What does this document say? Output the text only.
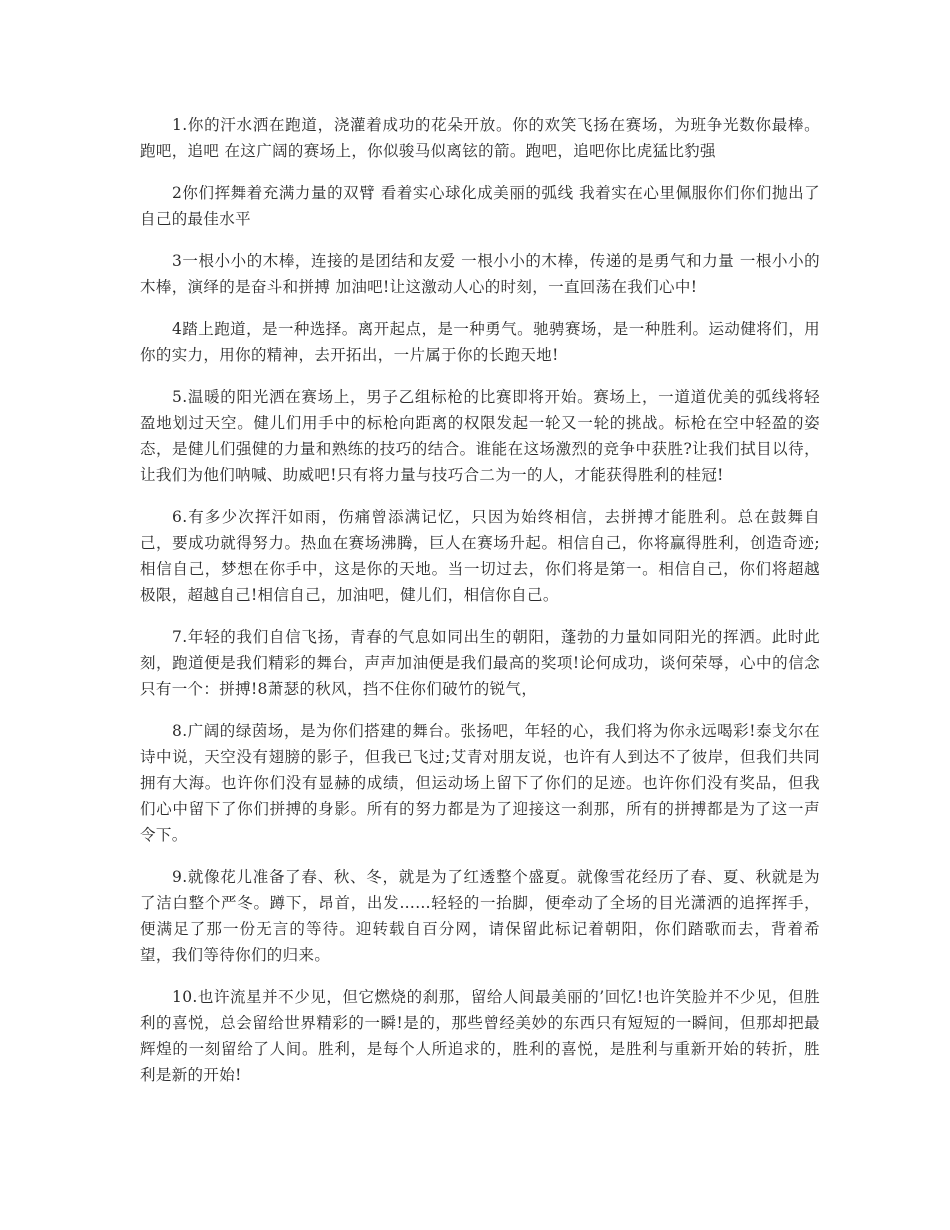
1.你的汗水洒在跑道，浇灌着成功的花朵开放。你的欢笑飞扬在赛场，为班争光数你最棒。跑吧，追吧 在这广阔的赛场上，你似骏马似离铉的箭。跑吧，追吧你比虎猛比豹强

2你们挥舞着充满力量的双臂 看着实心球化成美丽的弧线 我着实在心里佩服你们你们抛出了自己的最佳水平

3一根小小的木棒，连接的是团结和友爱 一根小小的木棒，传递的是勇气和力量 一根小小的木棒，演绎的是奋斗和拼搏 加油吧!让这激动人心的时刻，一直回荡在我们心中!

4踏上跑道，是一种选择。离开起点，是一种勇气。驰骋赛场，是一种胜利。运动健将们，用你的实力，用你的精神，去开拓出，一片属于你的长跑天地!

5.温暖的阳光洒在赛场上，男子乙组标枪的比赛即将开始。赛场上，一道道优美的弧线将轻盈地划过天空。健儿们用手中的标枪向距离的权限发起一轮又一轮的挑战。标枪在空中轻盈的姿态，是健儿们强健的力量和熟练的技巧的结合。谁能在这场激烈的竞争中获胜?让我们拭目以待，让我们为他们呐喊、助威吧!只有将力量与技巧合二为一的人，才能获得胜利的桂冠!

6.有多少次挥汗如雨，伤痛曾添满记忆，只因为始终相信，去拼搏才能胜利。总在鼓舞自己，要成功就得努力。热血在赛场沸腾，巨人在赛场升起。相信自己，你将赢得胜利，创造奇迹;相信自己，梦想在你手中，这是你的天地。当一切过去，你们将是第一。相信自己，你们将超越极限，超越自己!相信自己，加油吧，健儿们，相信你自己。

7.年轻的我们自信飞扬，青春的气息如同出生的朝阳，蓬勃的力量如同阳光的挥洒。此时此刻，跑道便是我们精彩的舞台，声声加油便是我们最高的奖项!论何成功，谈何荣辱，心中的信念只有一个：拼搏!8萧瑟的秋风，挡不住你们破竹的锐气，

8.广阔的绿茵场，是为你们搭建的舞台。张扬吧，年轻的心，我们将为你永远喝彩!泰戈尔在诗中说，天空没有翅膀的影子，但我已飞过;艾青对朋友说，也许有人到达不了彼岸，但我们共同拥有大海。也许你们没有显赫的成绩，但运动场上留下了你们的足迹。也许你们没有奖品，但我们心中留下了你们拼搏的身影。所有的努力都是为了迎接这一刹那，所有的拼搏都是为了这一声令下。

9.就像花儿准备了春、秋、冬，就是为了红透整个盛夏。就像雪花经历了春、夏、秋就是为了洁白整个严冬。蹲下，昂首，出发……轻轻的一抬脚，便牵动了全场的目光潇洒的追挥挥手，便满足了那一份无言的等待。迎转载自百分网，请保留此标记着朝阳，你们踏歌而去，背着希望，我们等待你们的归来。

10.也许流星并不少见，但它燃烧的刹那，留给人间最美丽的’回忆!也许笑脸并不少见，但胜利的喜悦，总会留给世界精彩的一瞬!是的，那些曾经美妙的东西只有短短的一瞬间，但那却把最辉煌的一刻留给了人间。胜利，是每个人所追求的，胜利的喜悦，是胜利与重新开始的转折，胜利是新的开始!
